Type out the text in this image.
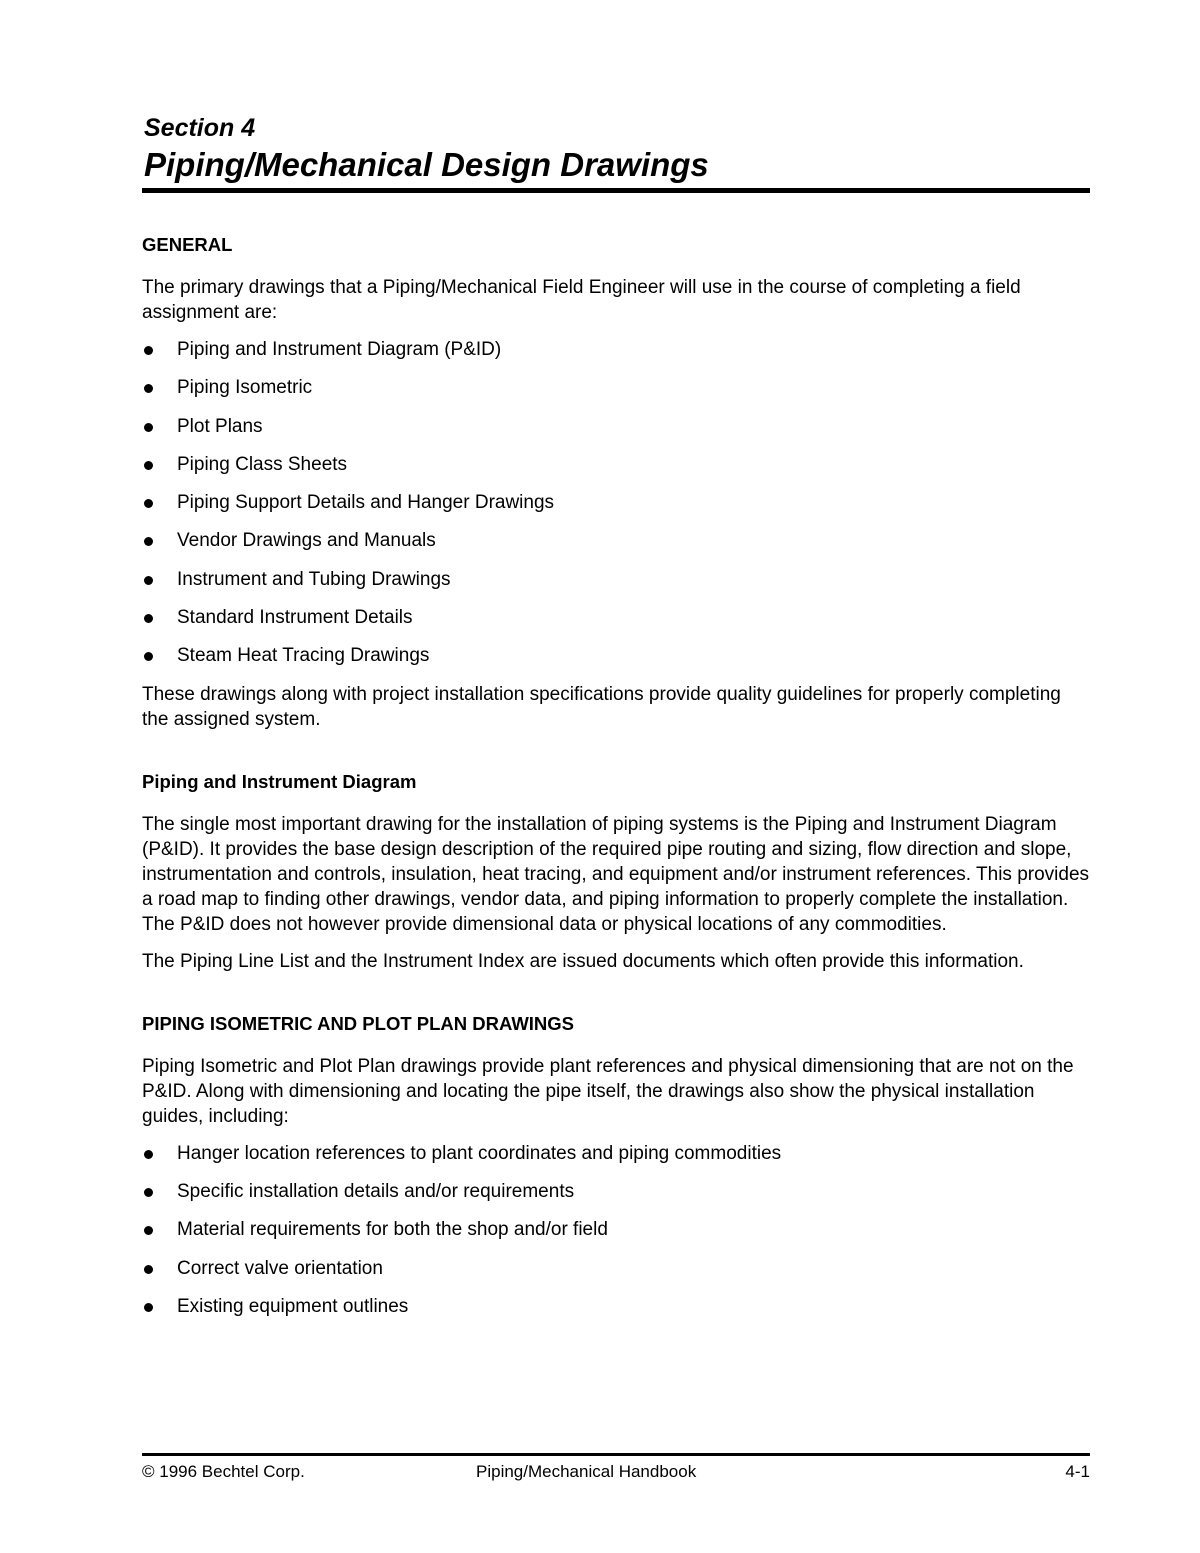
Section 4
Piping/Mechanical Design Drawings
GENERAL

The primary drawings that a Piping/Mechanical Field Engineer will use in the course of completing a field assignment are:

Piping and Instrument Diagram (P&ID)
Piping Isometric
Plot Plans
Piping Class Sheets
Piping Support Details and Hanger Drawings
Vendor Drawings and Manuals
Instrument and Tubing Drawings
Standard Instrument Details
Steam Heat Tracing Drawings

These drawings along with project installation specifications provide quality guidelines for properly completing the assigned system.

Piping and Instrument Diagram

The single most important drawing for the installation of piping systems is the Piping and Instrument Diagram (P&ID). It provides the base design description of the required pipe routing and sizing, flow direction and slope, instrumentation and controls, insulation, heat tracing, and equipment and/or instrument references. This provides a road map to finding other drawings, vendor data, and piping information to properly complete the installation. The P&ID does not however provide dimensional data or physical locations of any commodities.

The Piping Line List and the Instrument Index are issued documents which often provide this information.

PIPING ISOMETRIC AND PLOT PLAN DRAWINGS

Piping Isometric and Plot Plan drawings provide plant references and physical dimensioning that are not on the P&ID. Along with dimensioning and locating the pipe itself, the drawings also show the physical installation guides, including:

Hanger location references to plant coordinates and piping commodities
Specific installation details and/or requirements
Material requirements for both the shop and/or field
Correct valve orientation
Existing equipment outlines
© 1996 Bechtel Corp.	Piping/Mechanical Handbook	4-1
